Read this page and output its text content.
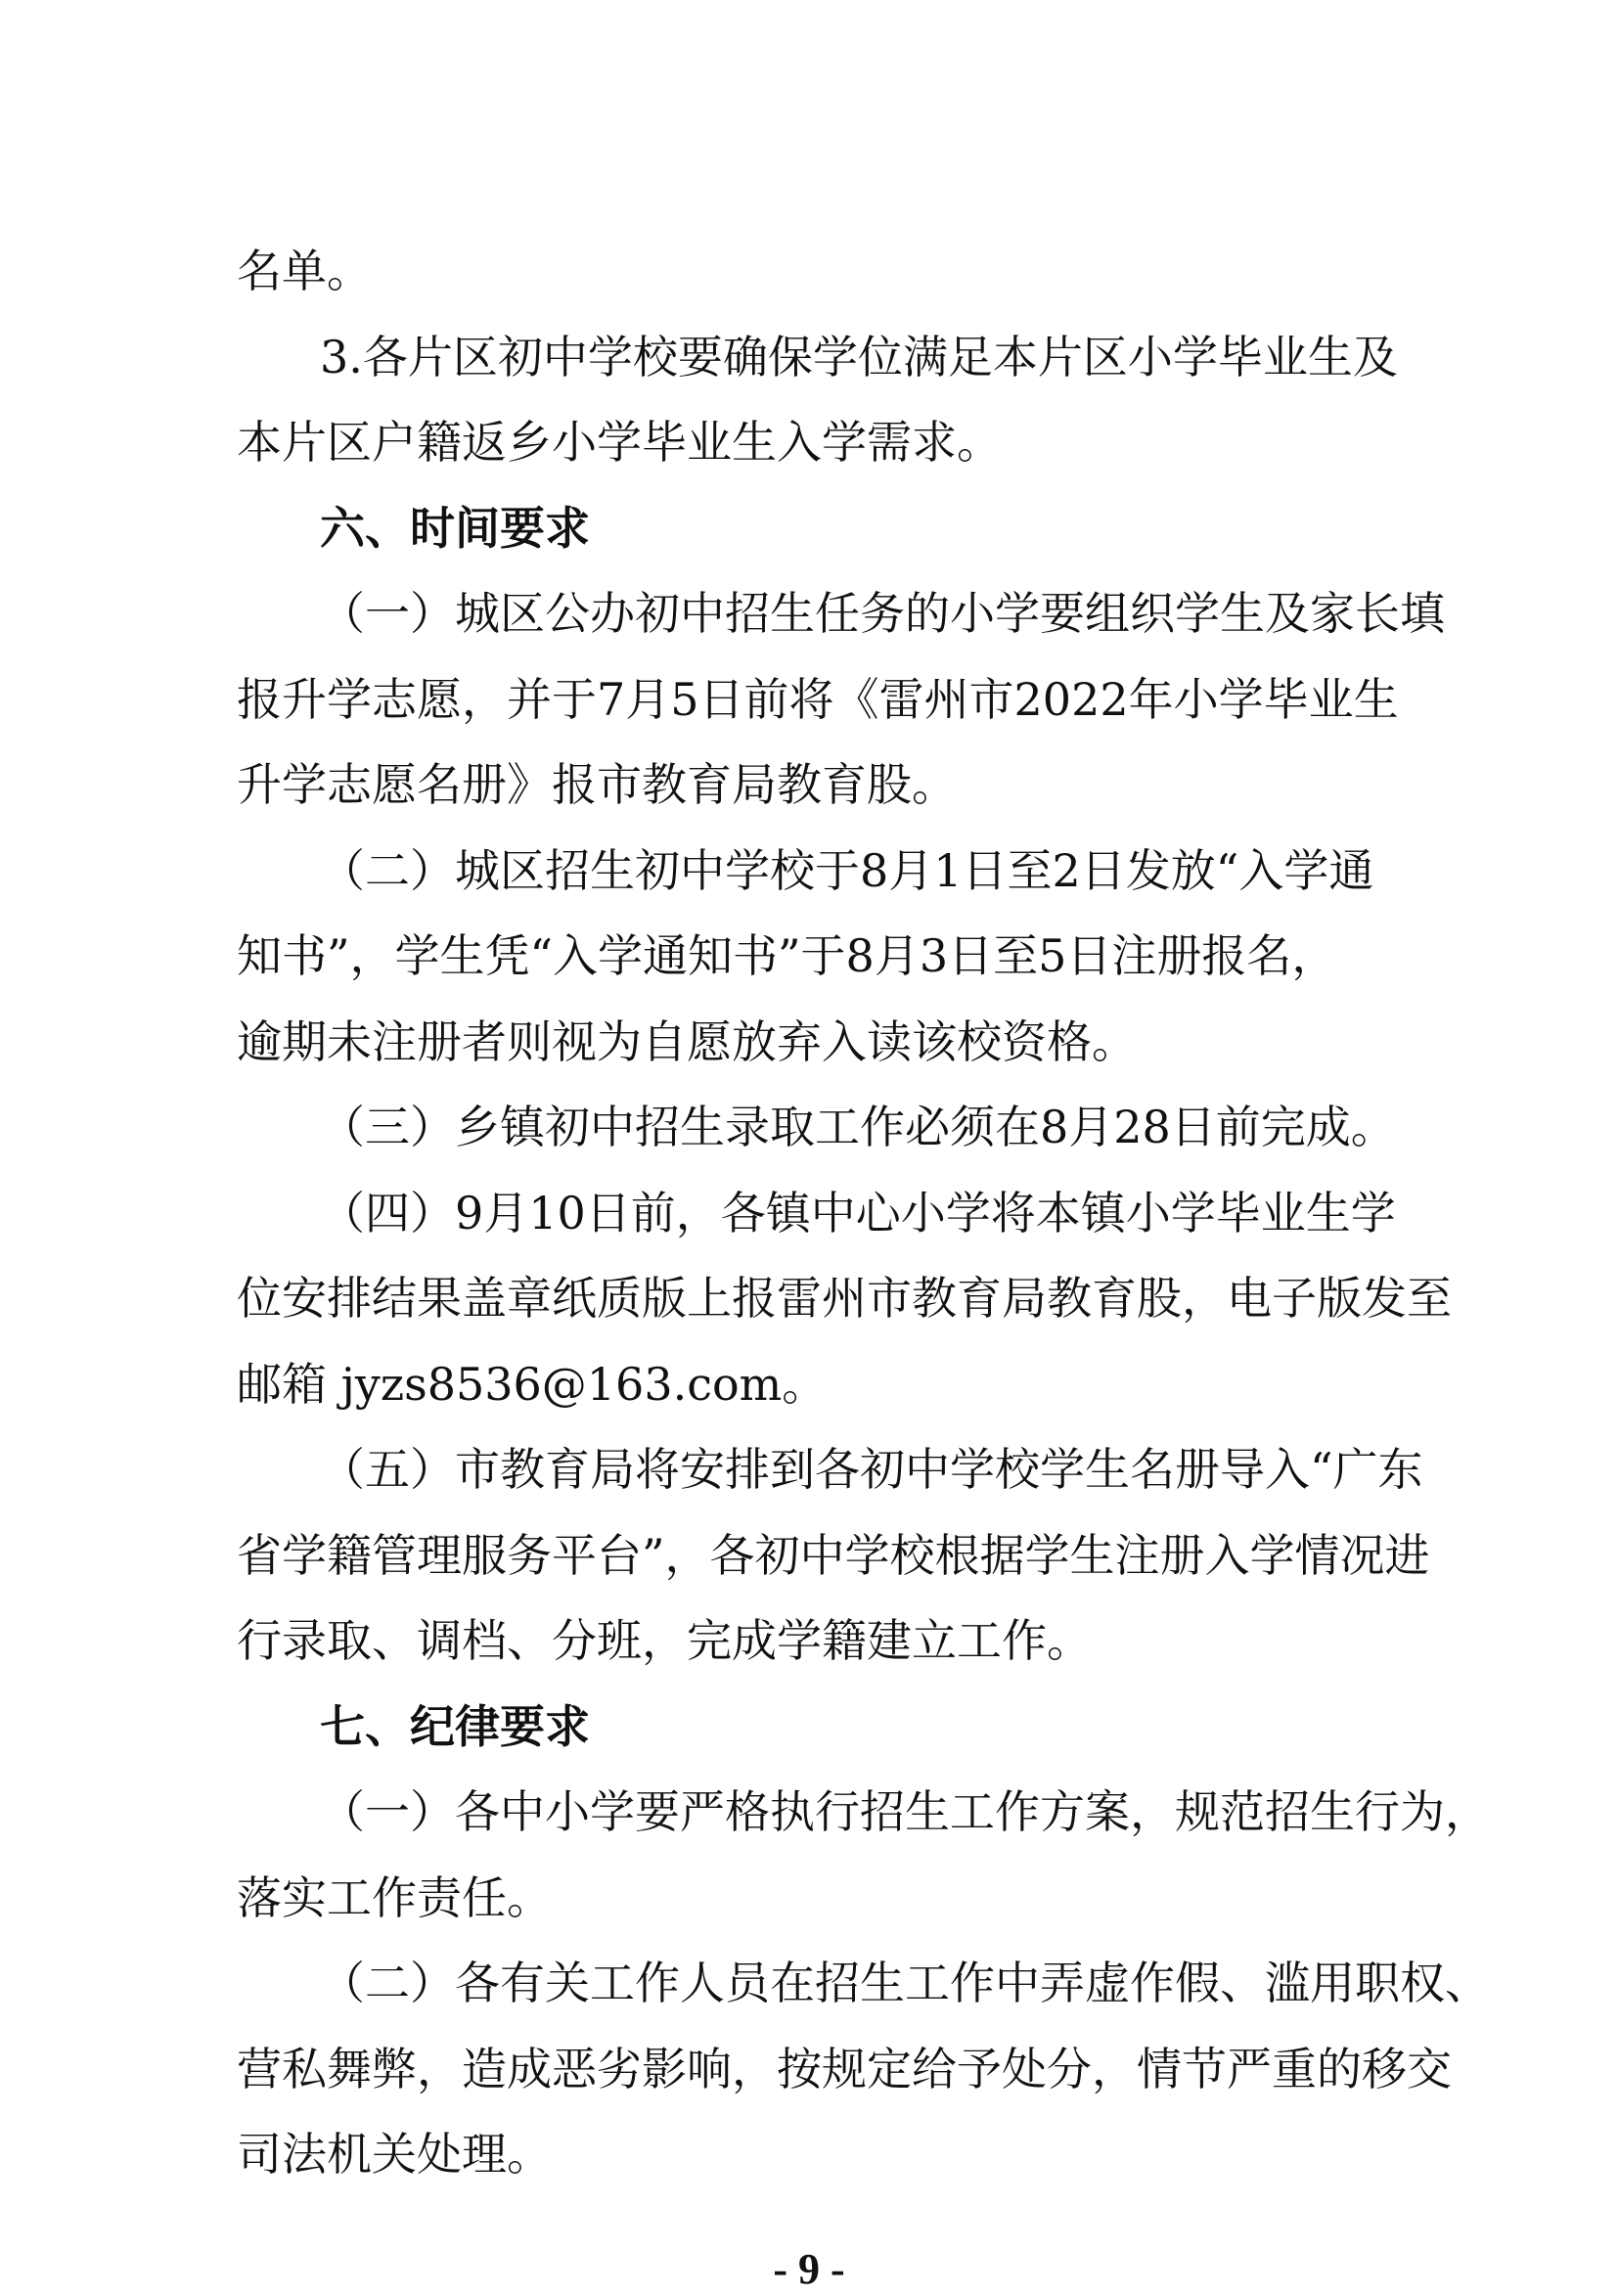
名单。
3.各片区初中学校要确保学位满足本片区小学毕业生及
本片区户籍返乡小学毕业生入学需求。
六、时间要求
（一）城区公办初中招生任务的小学要组织学生及家长填
报升学志愿，并于7月5日前将《雷州市2022年小学毕业生
升学志愿名册》报市教育局教育股。
（二）城区招生初中学校于8月1日至2日发放“入学通
知书”，学生凭“入学通知书”于8月3日至5日注册报名，
逾期未注册者则视为自愿放弃入读该校资格。
（三）乡镇初中招生录取工作必须在8月28日前完成。
（四）9月10日前，各镇中心小学将本镇小学毕业生学
位安排结果盖章纸质版上报雷州市教育局教育股，电子版发至
邮箱 jyzs8536@163.com。
（五）市教育局将安排到各初中学校学生名册导入“广东
省学籍管理服务平台”，各初中学校根据学生注册入学情况进
行录取、调档、分班，完成学籍建立工作。
七、纪律要求
（一）各中小学要严格执行招生工作方案，规范招生行为，
落实工作责任。
（二）各有关工作人员在招生工作中弄虚作假、滥用职权、
营私舞弊，造成恶劣影响，按规定给予处分，情节严重的移交
司法机关处理。
- 9 -
